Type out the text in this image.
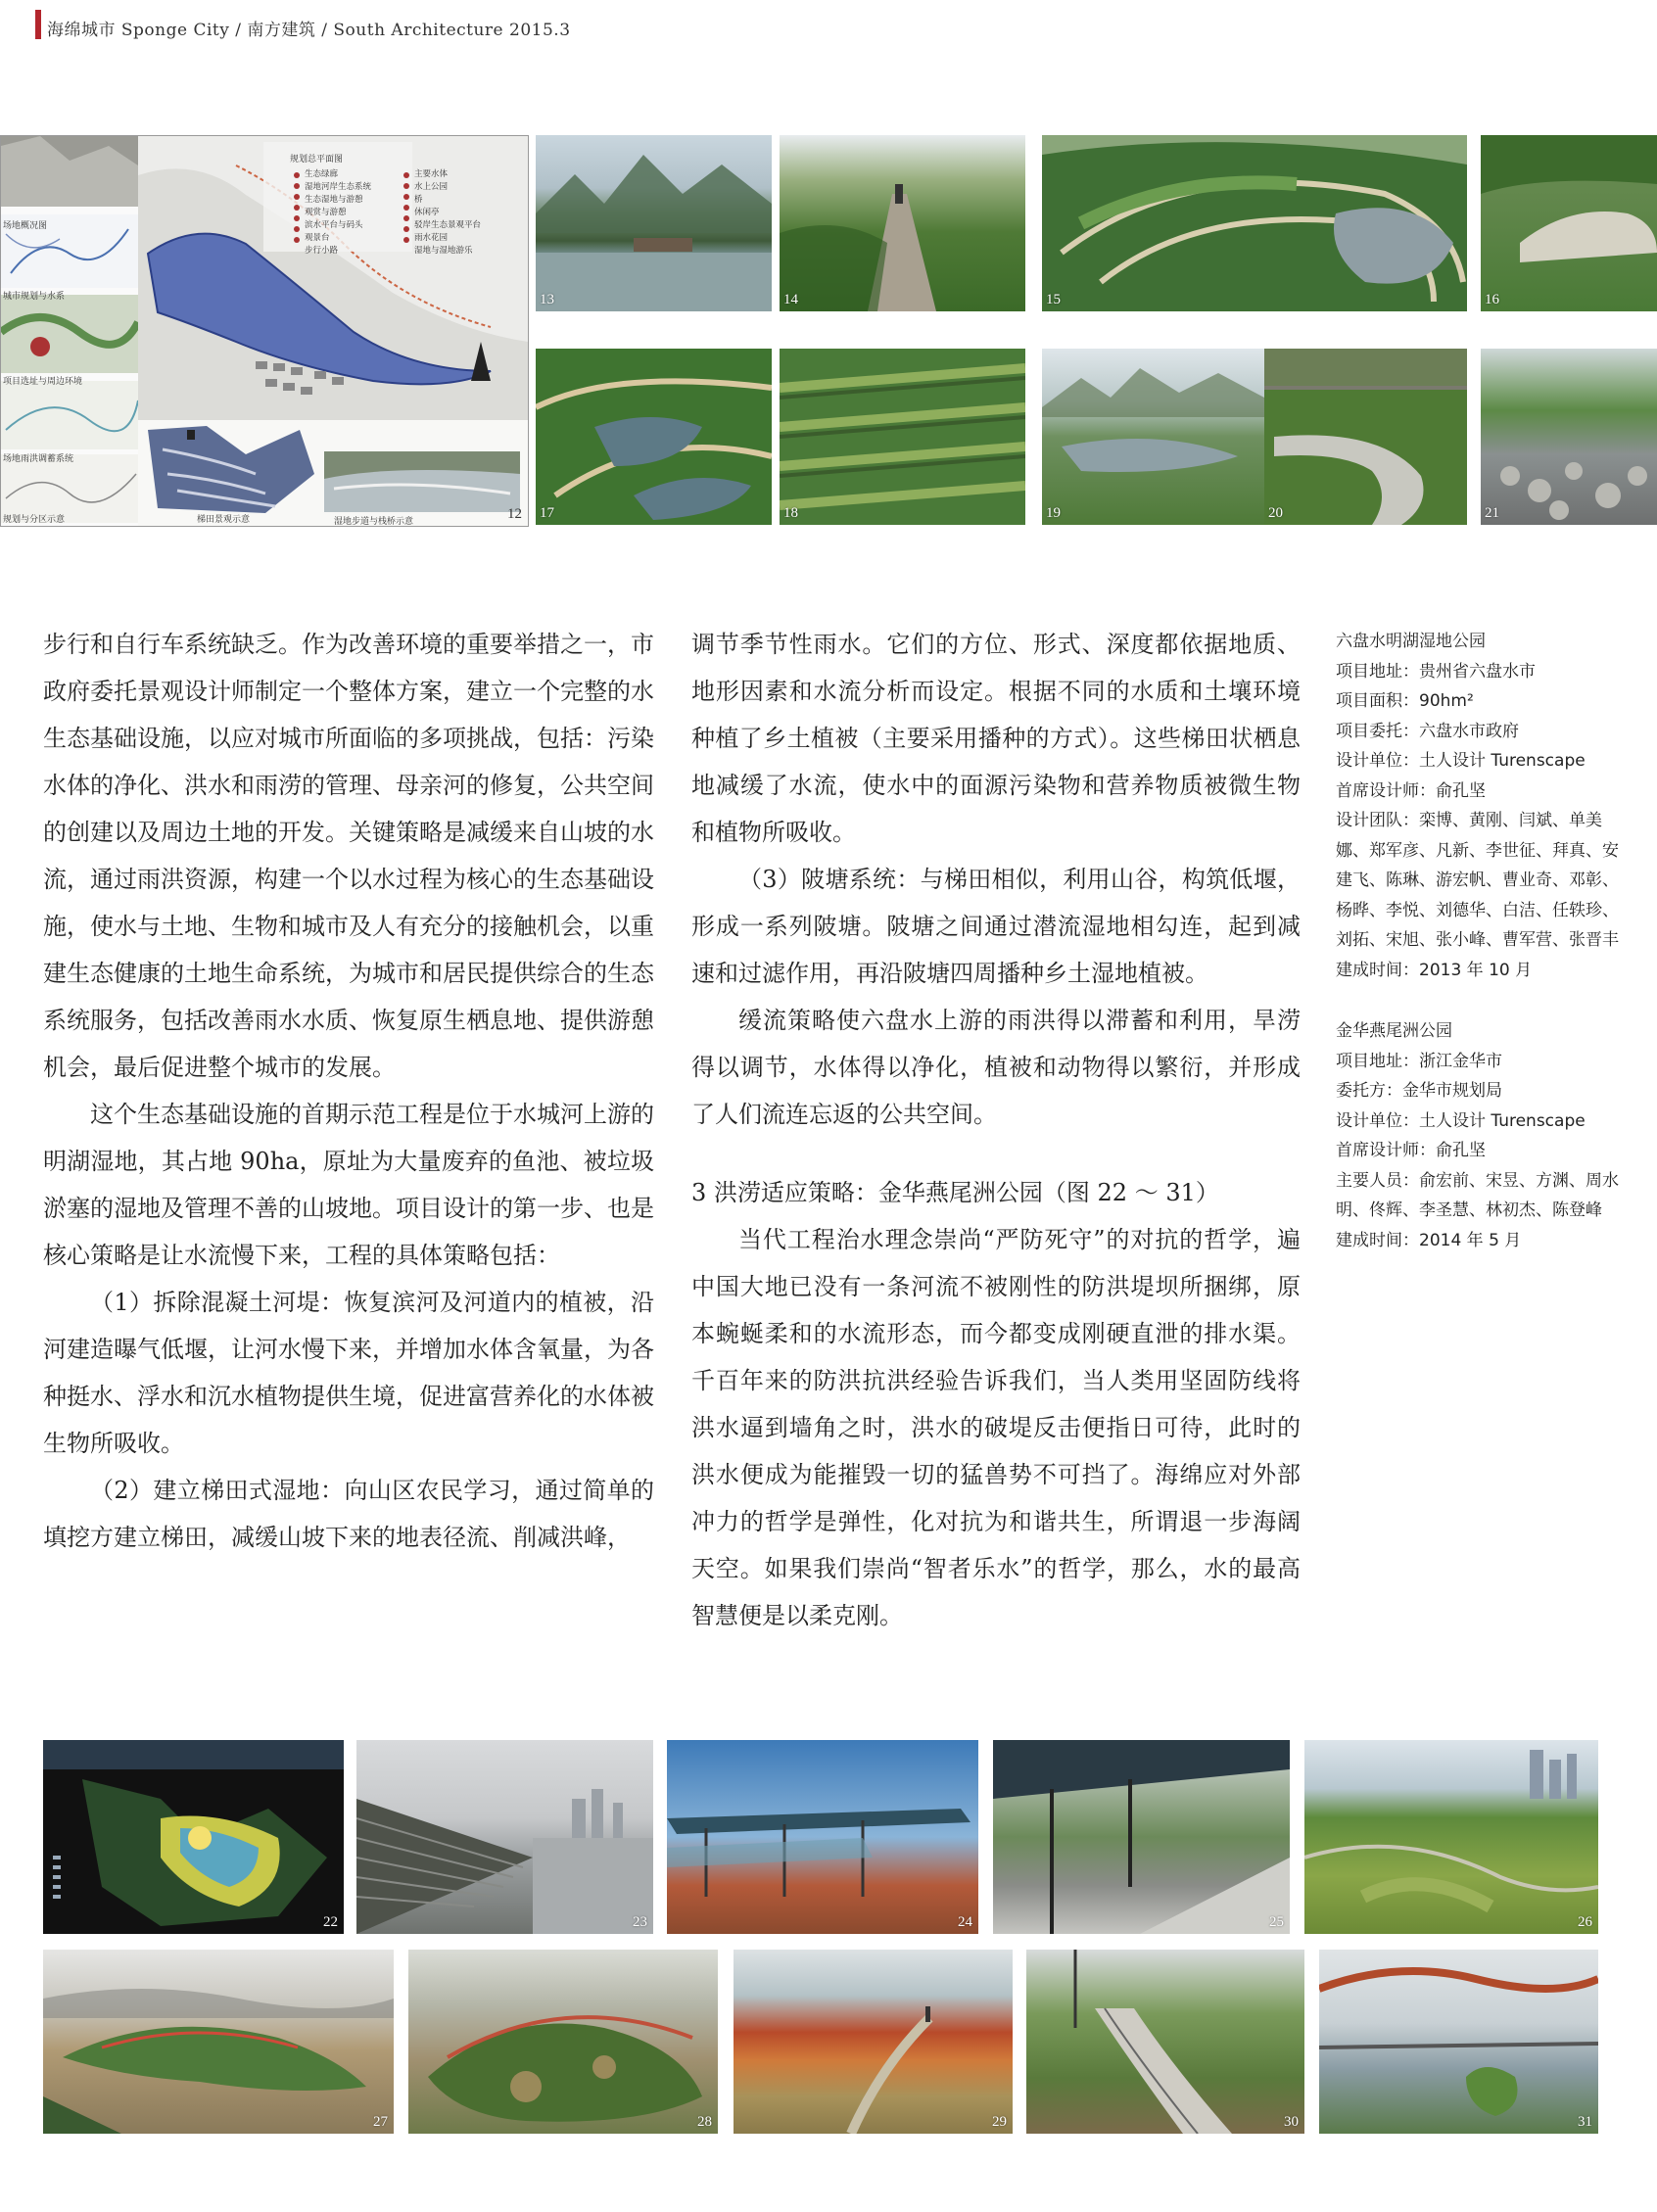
海绵城市 Sponge City / 南方建筑 / South Architecture 2015.3
规划总平面图
生态绿廊
湿地河岸生态系统
生态湿地与游憩
观赏与游憩
滨水平台与码头
观景台
步行小路
主要水体
水上公园
桥
休闲亭
驳岸生态景观平台
雨水花园
湿地与湿地游乐
场地概况图
城市规划与水系
项目选址与周边环境
场地雨洪调蓄系统
规划与分区示意	梯田景观示意	湿地步道与栈桥示意	12
13	14	15	16
17	18	19	20	21

步行和自行车系统缺乏。作为改善环境的重要举措之一，市政府委托景观设计师制定一个整体方案，建立一个完整的水生态基础设施，以应对城市所面临的多项挑战，包括：污染水体的净化、洪水和雨涝的管理、母亲河的修复，公共空间的创建以及周边土地的开发。关键策略是减缓来自山坡的水流，通过雨洪资源，构建一个以水过程为核心的生态基础设施，使水与土地、生物和城市及人有充分的接触机会，以重建生态健康的土地生命系统，为城市和居民提供综合的生态系统服务，包括改善雨水水质、恢复原生栖息地、提供游憩机会，最后促进整个城市的发展。

这个生态基础设施的首期示范工程是位于水城河上游的明湖湿地，其占地 90ha，原址为大量废弃的鱼池、被垃圾淤塞的湿地及管理不善的山坡地。项目设计的第一步、也是核心策略是让水流慢下来，工程的具体策略包括：

（1）拆除混凝土河堤：恢复滨河及河道内的植被，沿河建造曝气低堰，让河水慢下来，并增加水体含氧量，为各种挺水、浮水和沉水植物提供生境，促进富营养化的水体被生物所吸收。

（2）建立梯田式湿地：向山区农民学习，通过简单的填挖方建立梯田，减缓山坡下来的地表径流、削减洪峰，

调节季节性雨水。它们的方位、形式、深度都依据地质、地形因素和水流分析而设定。根据不同的水质和土壤环境种植了乡土植被（主要采用播种的方式）。这些梯田状栖息地减缓了水流，使水中的面源污染物和营养物质被微生物和植物所吸收。

（3）陂塘系统：与梯田相似，利用山谷，构筑低堰，形成一系列陂塘。陂塘之间通过潜流湿地相勾连，起到减速和过滤作用，再沿陂塘四周播种乡土湿地植被。

缓流策略使六盘水上游的雨洪得以滞蓄和利用，旱涝得以调节，水体得以净化，植被和动物得以繁衍，并形成了人们流连忘返的公共空间。

3 洪涝适应策略：金华燕尾洲公园（图 22 ～ 31）

当代工程治水理念崇尚“严防死守”的对抗的哲学，遍中国大地已没有一条河流不被刚性的防洪堤坝所捆绑，原本蜿蜒柔和的水流形态，而今都变成刚硬直泄的排水渠。千百年来的防洪抗洪经验告诉我们，当人类用坚固防线将洪水逼到墙角之时，洪水的破堤反击便指日可待，此时的洪水便成为能摧毁一切的猛兽势不可挡了。海绵应对外部冲力的哲学是弹性，化对抗为和谐共生，所谓退一步海阔天空。如果我们崇尚“智者乐水”的哲学，那么，水的最高智慧便是以柔克刚。

六盘水明湖湿地公园
项目地址：贵州省六盘水市
项目面积：90hm²
项目委托：六盘水市政府
设计单位：土人设计 Turenscape
首席设计师：俞孔坚
设计团队：栾博、黄刚、闫斌、单美娜、郑军彦、凡新、李世征、拜真、安建飞、陈琳、游宏帆、曹业奇、邓彰、杨晔、李悦、刘德华、白洁、任轶珍、刘拓、宋旭、张小峰、曹军营、张晋丰
建成时间：2013 年 10 月
金华燕尾洲公园
项目地址：浙江金华市
委托方：金华市规划局
设计单位：土人设计 Turenscape
首席设计师：俞孔坚
主要人员：俞宏前、宋昱、方渊、周水明、佟辉、李圣慧、林初杰、陈登峰
建成时间：2014 年 5 月
22	23	24	25	26
27	28	29	30	31
